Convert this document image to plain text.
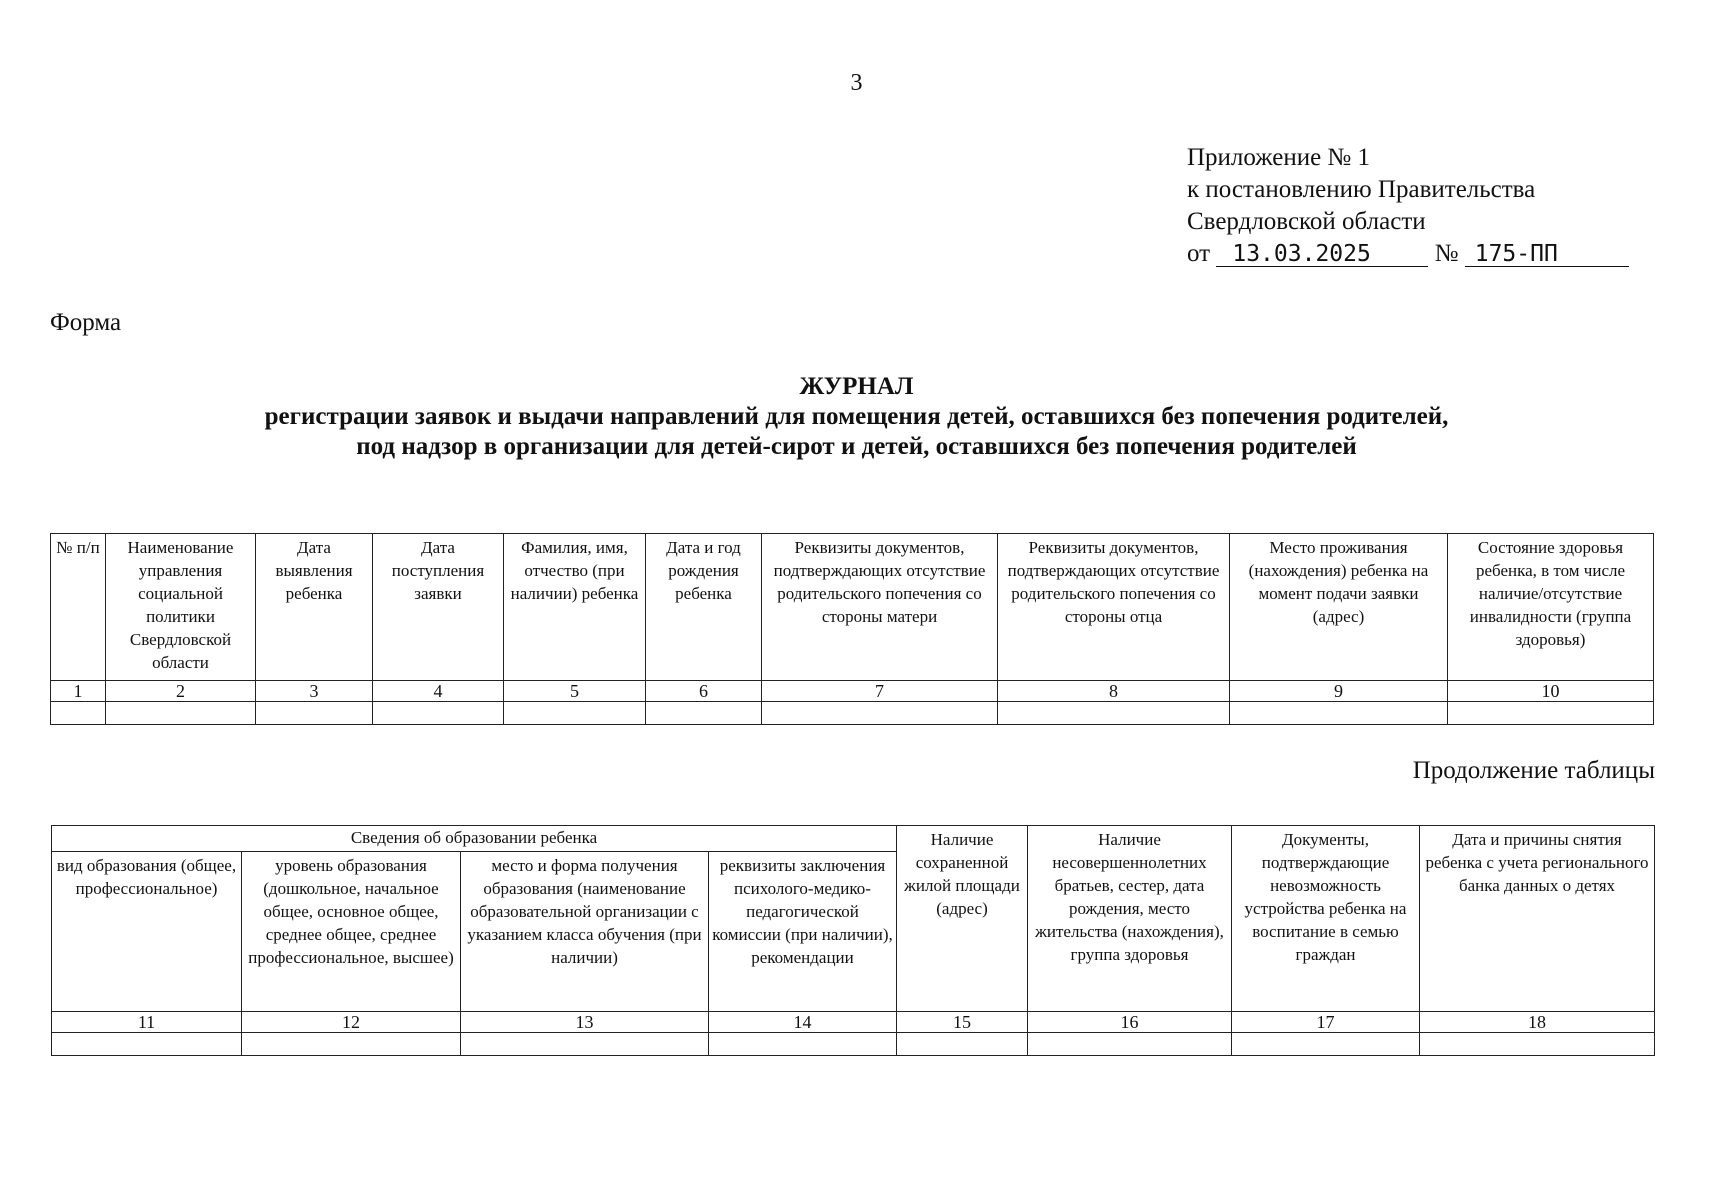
3
Приложение № 1
к постановлению Правительства
Свердловской области
от 13.03.2025	№ 175-ПП
Форма
ЖУРНАЛ
регистрации заявок и выдачи направлений для помещения детей, оставшихся без попечения родителей,
под надзор в организации для детей-сирот и детей, оставшихся без попечения родителей
№ п/п	Наименование управления социальной политики Свердловской области	Дата выявления ребенка	Дата поступления заявки	Фамилия, имя, отчество (при наличии) ребенка	Дата и год рождения ребенка	Реквизиты документов, подтверждающих отсутствие родительского попечения со стороны матери	Реквизиты документов, подтверждающих отсутствие родительского попечения со стороны отца	Место проживания (нахождения) ребенка на момент подачи заявки (адрес)	Состояние здоровья ребенка, в том числе наличие/отсутствие инвалидности (группа здоровья)
1	2	3	4	5	6	7	8	9	10

Продолжение таблицы
Сведения об образовании ребенка				Наличие сохраненной жилой площади (адрес)	Наличие несовершеннолетних братьев, сестер, дата рождения, место жительства (нахождения), группа здоровья	Документы, подтверждающие невозможность устройства ребенка на воспитание в семью граждан	Дата и причины снятия ребенка с учета регионального банка данных о детях
вид образования (общее, профессиональное)	уровень образования (дошкольное, начальное общее, основное общее, среднее общее, среднее профессиональное, высшее)	место и форма получения образования (наименование образовательной организации с указанием класса обучения (при наличии)	реквизиты заключения психолого-медико-педагогической комиссии (при наличии), рекомендации				
11	12	13	14	15	16	17	18
